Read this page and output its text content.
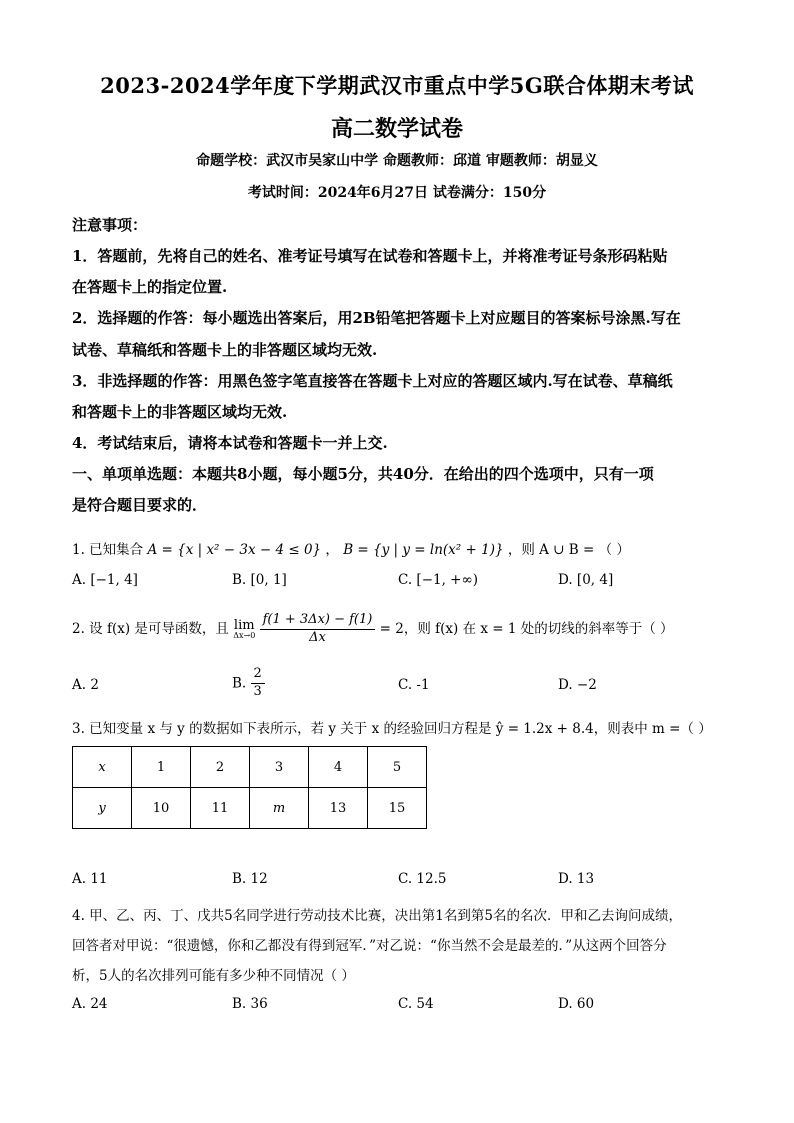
2023-2024学年度下学期武汉市重点中学5G联合体期末考试
高二数学试卷
命题学校：武汉市吴家山中学 命题教师：邱道 审题教师：胡显义
考试时间：2024年6月27日 试卷满分：150分
注意事项：
1．答题前，先将自己的姓名、准考证号填写在试卷和答题卡上，并将准考证号条形码粘贴
在答题卡上的指定位置.
2．选择题的作答：每小题选出答案后，用2B铅笔把答题卡上对应题目的答案标号涂黑.写在
试卷、草稿纸和答题卡上的非答题区域均无效.
3．非选择题的作答：用黑色签字笔直接答在答题卡上对应的答题区域内.写在试卷、草稿纸
和答题卡上的非答题区域均无效.
4．考试结束后，请将本试卷和答题卡一并上交.
一、单项单选题：本题共8小题，每小题5分，共40分．在给出的四个选项中，只有一项
是符合题目要求的．
1. 已知集合 A = {x | x² − 3x − 4 ≤ 0} ， B = {y | y = ln(x² + 1)} ，则 A ∪ B = （ ）
A. [−1, 4]	B. [0, 1]	C. [−1, +∞)	D. [0, 4]
2. 设 f(x) 是可导函数，且 lim
Δx→0
$\frac{f(1 + 3\Delta x) - f(1)}{\Delta x} = 2$，则 f(x) 在 x = 1 处的切线的斜率等于（ ）
A. 2	B. $\frac{2}{3}$	C. -1	D. −2
3. 已知变量 x 与 y 的数据如下表所示，若 y 关于 x 的经验回归方程是 ŷ = 1.2x + 8.4，则表中 m =（ ）
x	1	2	3	4	5
y	10	11	m	13	15
A. 11	B. 12	C. 12.5	D. 13
4. 甲、乙、丙、丁、戊共5名同学进行劳动技术比赛，决出第1名到第5名的名次．甲和乙去询问成绩，
回答者对甲说：“很遗憾，你和乙都没有得到冠军．”对乙说：“你当然不会是最差的．”从这两个回答分
析，5人的名次排列可能有多少种不同情况（ ）
A. 24	B. 36	C. 54	D. 60
